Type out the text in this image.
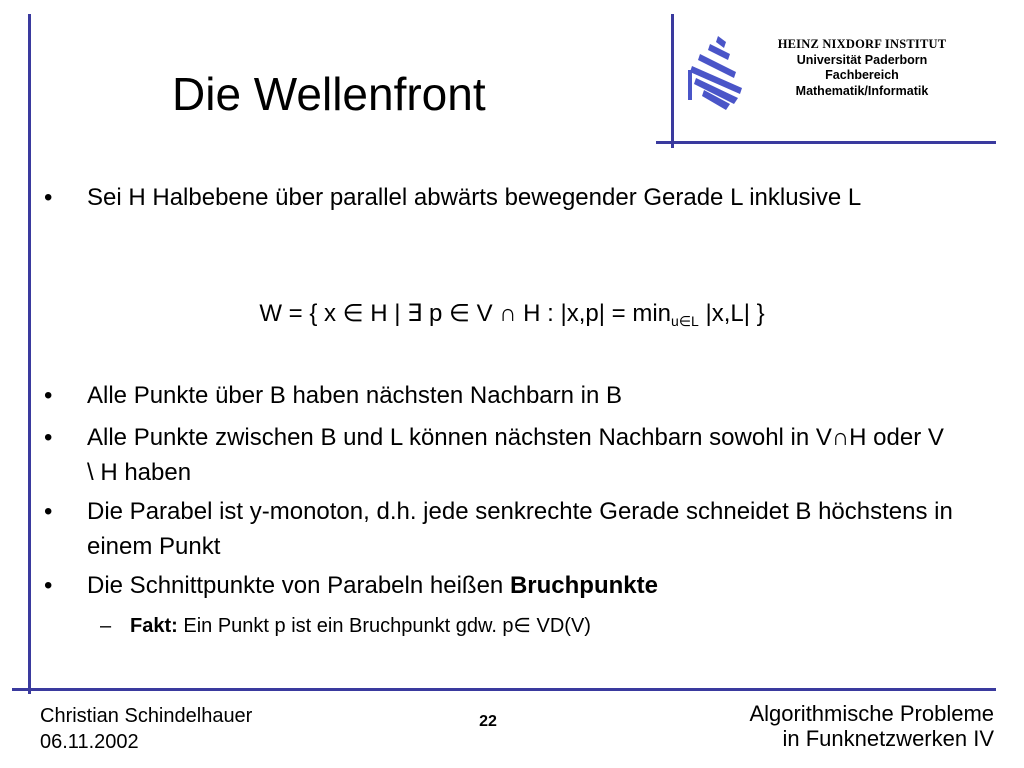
Die Wellenfront
HEINZ NIXDORF INSTITUT
Universität Paderborn
Fachbereich
Mathematik/Informatik
• Sei H Halbebene über parallel abwärts bewegender Gerade L inklusive L
W = { x ∈ H | ∃ p ∈ V ∩ H : $|x,p| = \min_{u\in L} |x,L|$ }
• Alle Punkte über B haben nächsten Nachbarn in B
• Alle Punkte zwischen B und L können nächsten Nachbarn sowohl in V∩H oder V \ H haben
• Die Parabel ist y-monoton, d.h. jede senkrechte Gerade schneidet B höchstens in einem Punkt
• Die Schnittpunkte von Parabeln heißen Bruchpunkte
– Fakt: Ein Punkt p ist ein Bruchpunkt gdw. p∈ VD(V)
Christian Schindelhauer
06.11.2002
22	Algorithmische Probleme
in Funknetzwerken IV
